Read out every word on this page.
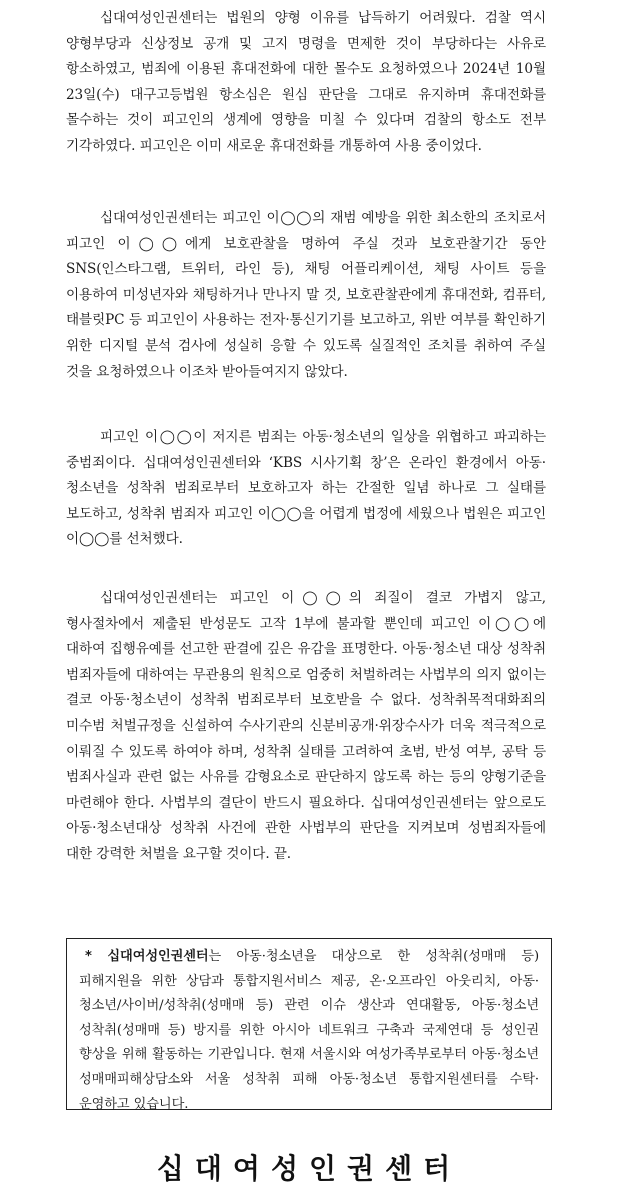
십대여성인권센터는 법원의 양형 이유를 납득하기 어려웠다. 검찰 역시 양형부당과 신상정보 공개 및 고지 명령을 면제한 것이 부당하다는 사유로 항소하였고, 범죄에 이용된 휴대전화에 대한 몰수도 요청하였으나 2024년 10월 23일(수) 대구고등법원 항소심은 원심 판단을 그대로 유지하며 휴대전화를 몰수하는 것이 피고인의 생계에 영향을 미칠 수 있다며 검찰의 항소도 전부 기각하였다. 피고인은 이미 새로운 휴대전화를 개통하여 사용 중이었다.

십대여성인권센터는 피고인 이◯◯의 재범 예방을 위한 최소한의 조치로서 피고인 이◯◯에게 보호관찰을 명하여 주실 것과 보호관찰기간 동안 SNS(인스타그램, 트위터, 라인 등), 채팅 어플리케이션, 채팅 사이트 등을 이용하여 미성년자와 채팅하거나 만나지 말 것, 보호관찰관에게 휴대전화, 컴퓨터, 태블릿PC 등 피고인이 사용하는 전자·통신기기를 보고하고, 위반 여부를 확인하기 위한 디지털 분석 검사에 성실히 응할 수 있도록 실질적인 조치를 취하여 주실 것을 요청하였으나 이조차 받아들여지지 않았다.

피고인 이◯◯이 저지른 범죄는 아동·청소년의 일상을 위협하고 파괴하는 중범죄이다. 십대여성인권센터와 ‘KBS 시사기획 창’은 온라인 환경에서 아동·청소년을 성착취 범죄로부터 보호하고자 하는 간절한 일념 하나로 그 실태를 보도하고, 성착취 범죄자 피고인 이◯◯을 어렵게 법정에 세웠으나 법원은 피고인 이◯◯를 선처했다.

십대여성인권센터는 피고인 이◯◯의 죄질이 결코 가볍지 않고, 형사절차에서 제출된 반성문도 고작 1부에 불과할 뿐인데 피고인 이◯◯에 대하여 집행유예를 선고한 판결에 깊은 유감을 표명한다. 아동·청소년 대상 성착취 범죄자들에 대하여는 무관용의 원칙으로 엄중히 처벌하려는 사법부의 의지 없이는 결코 아동·청소년이 성착취 범죄로부터 보호받을 수 없다. 성착취목적대화죄의 미수범 처벌규정을 신설하여 수사기관의 신분비공개·위장수사가 더욱 적극적으로 이뤄질 수 있도록 하여야 하며, 성착취 실태를 고려하여 초범, 반성 여부, 공탁 등 범죄사실과 관련 없는 사유를 감형요소로 판단하지 않도록 하는 등의 양형기준을 마련해야 한다. 사법부의 결단이 반드시 필요하다. 십대여성인권센터는 앞으로도 아동·청소년대상 성착취 사건에 관한 사법부의 판단을 지켜보며 성범죄자들에 대한 강력한 처벌을 요구할 것이다. 끝.

* 십대여성인권센터는 아동·청소년을 대상으로 한 성착취(성매매 등) 피해지원을 위한 상담과 통합지원서비스 제공, 온·오프라인 아웃리치, 아동·청소년/사이버/성착취(성매매 등) 관련 이슈 생산과 연대활동, 아동·청소년 성착취(성매매 등) 방지를 위한 아시아 네트워크 구축과 국제연대 등 성인권 향상을 위해 활동하는 기관입니다. 현재 서울시와 여성가족부로부터 아동·청소년 성매매피해상담소와 서울 성착취 피해 아동·청소년 통합지원센터를 수탁·운영하고 있습니다.

십대여성인권센터
